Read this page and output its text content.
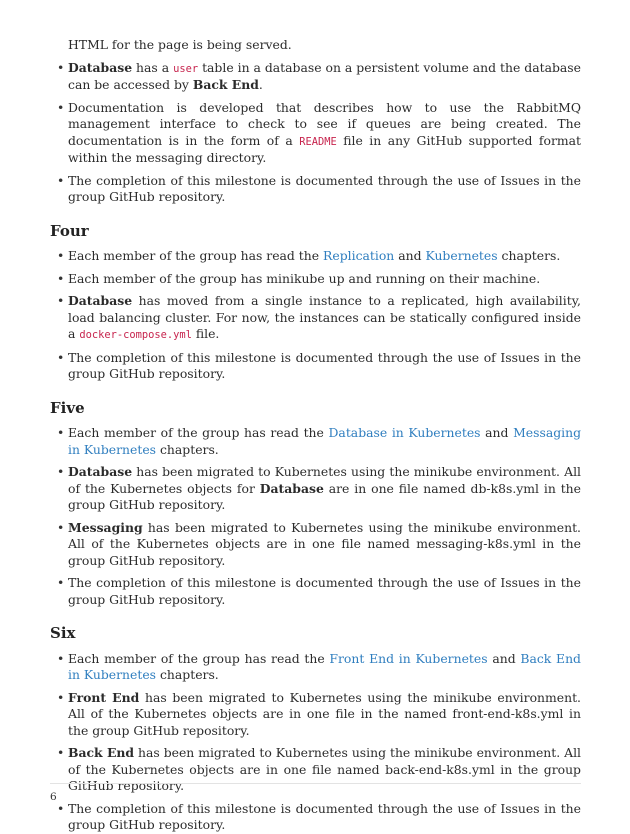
HTML for the page is being served.

• Database has a user table in a database on a persistent volume and the database can be accessed by Back End.
• Documentation is developed that describes how to use the RabbitMQ management interface to check to see if queues are being created. The documentation is in the form of a README file in any GitHub supported format within the messaging directory.
• The completion of this milestone is documented through the use of Issues in the group GitHub repository.
Four
• Each member of the group has read the Replication and Kubernetes chapters.
• Each member of the group has minikube up and running on their machine.
• Database has moved from a single instance to a replicated, high availability, load balancing cluster. For now, the instances can be statically configured inside a docker-compose.yml file.
• The completion of this milestone is documented through the use of Issues in the group GitHub repository.
Five
• Each member of the group has read the Database in Kubernetes and Messaging in Kubernetes chapters.
• Database has been migrated to Kubernetes using the minikube environment. All of the Kubernetes objects for Database are in one file named db-k8s.yml in the group GitHub repository.
• Messaging has been migrated to Kubernetes using the minikube environment. All of the Kubernetes objects are in one file named messaging-k8s.yml in the group GitHub repository.
• The completion of this milestone is documented through the use of Issues in the group GitHub repository.
Six
• Each member of the group has read the Front End in Kubernetes and Back End in Kubernetes chapters.
• Front End has been migrated to Kubernetes using the minikube environment. All of the Kubernetes objects are in one file in the named front-end-k8s.yml in the group GitHub repository.
• Back End has been migrated to Kubernetes using the minikube environment. All of the Kubernetes objects are in one file named back-end-k8s.yml in the group GitHub repository.
• The completion of this milestone is documented through the use of Issues in the group GitHub repository.
6
